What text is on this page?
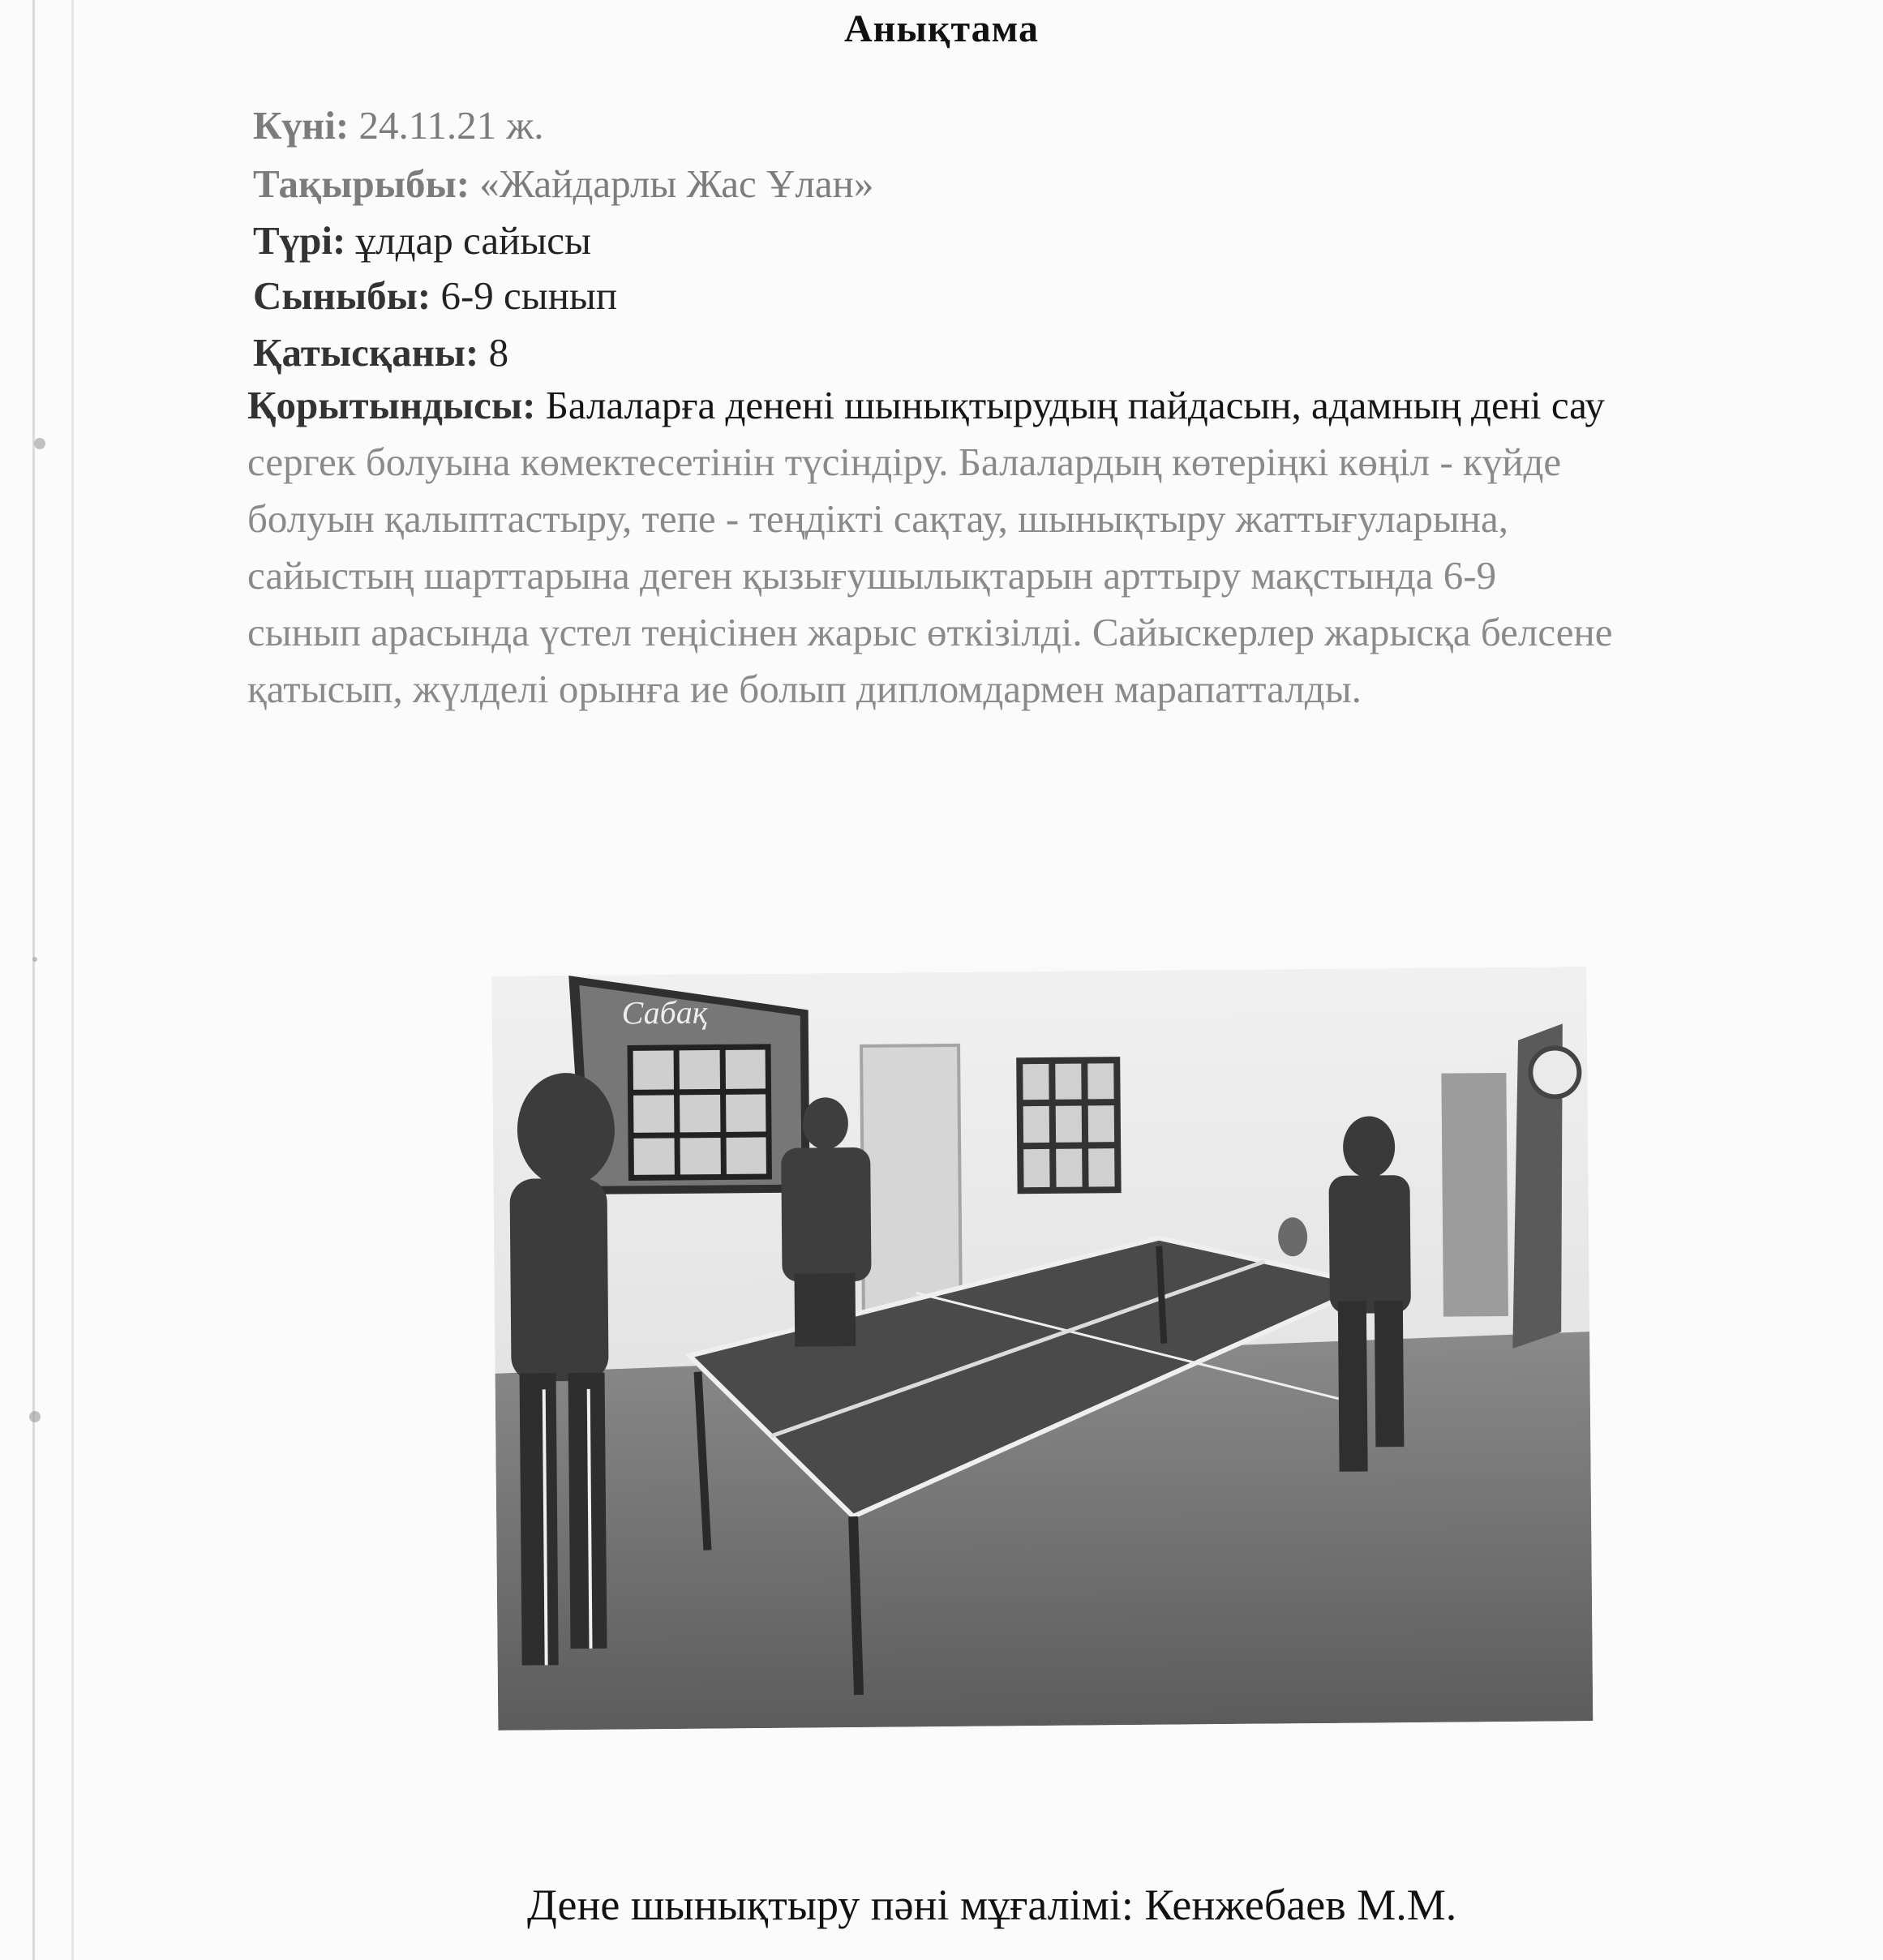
Анықтама
Күні: 24.11.21 ж.
Тақырыбы: «Жайдарлы Жас Ұлан»
Түрі: ұлдар сайысы
Сыныбы: 6-9 сынып
Қатысқаны: 8
Қорытындысы: Балаларға денені шынықтырудың пайдасын, адамның дені сау
сергек болуына көмектесетінін түсіндіру. Балалардың көтеріңкі көңіл - күйде
болуын қалыптастыру, тепе - теңдікті сақтау, шынықтыру жаттығуларына,
сайыстың шарттарына деген қызығушылықтарын арттыру мақстында 6-9
сынып арасында үстел теңісінен жарыс өткізілді. Сайыскерлер жарысқа белсене
қатысып, жүлделі орынға ие болып дипломдармен марапатталды.
Сабақ
Дене шынықтыру пәні мұғалімі: Кенжебаев М.М.
